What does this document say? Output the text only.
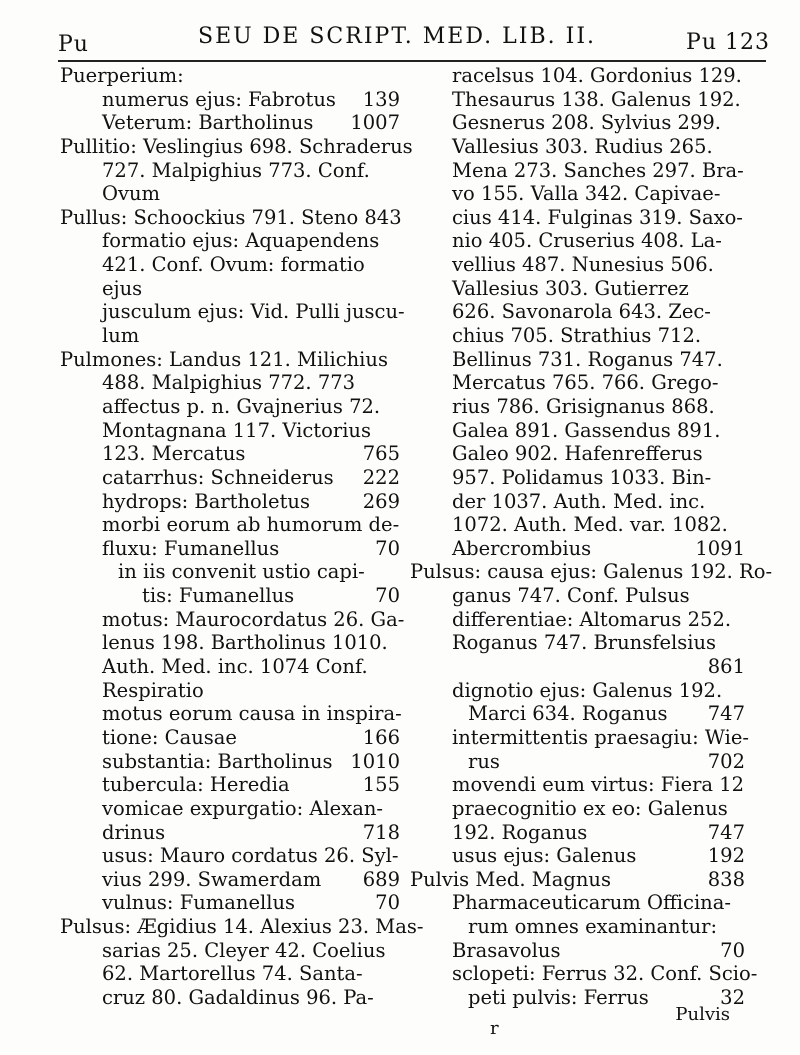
Pu	SEU DE SCRIPT. MED. LIB. II.	Pu 123
Puerperium:
numerus ejus: Fabrotus 139
Veterum: Bartholinus 1007
Pullitio: Veslingius 698. Schraderus
727. Malpighius 773. Conf.
Ovum
Pullus: Schoockius 791. Steno 843
formatio ejus: Aquapendens
421. Conf. Ovum: formatio
ejus
jusculum ejus: Vid. Pulli juscu-
lum
Pulmones: Landus 121. Milichius
488. Malpighius 772. 773
affectus p. n. Gvajnerius 72.
Montagnana 117. Victorius
123. Mercatus	765
catarrhus: Schneiderus 222
hydrops: Bartholetus	269
morbi eorum ab humorum de-
fluxu: Fumanellus	70
in iis convenit ustio capi-
tis: Fumanellus	70
motus: Maurocordatus 26. Ga-
lenus 198. Bartholinus 1010.
Auth. Med. inc. 1074 Conf.
Respiratio
motus eorum causa in inspira-
tione: Causae	166
substantia: Bartholinus 1010
tubercula: Heredia	155
vomicae expurgatio: Alexan-
drinus	718
usus: Mauro cordatus 26. Syl-
vius 299. Swamerdam 689
vulnus: Fumanellus	70
Pulsus: Ægidius 14. Alexius 23. Mas-
sarias 25. Cleyer 42. Coelius
62. Martorellus 74. Santa-
cruz 80. Gadaldinus 96. Pa-
racelsus 104. Gordonius 129.
Thesaurus 138. Galenus 192.
Gesnerus 208. Sylvius 299.
Vallesius 303. Rudius 265.
Mena 273. Sanches 297. Bra-
vo 155. Valla 342. Capivae-
cius 414. Fulginas 319. Saxo-
nio 405. Cruserius 408. La-
vellius 487. Nunesius 506.
Vallesius 303. Gutierrez
626. Savonarola 643. Zec-
chius 705. Strathius 712.
Bellinus 731. Roganus 747.
Mercatus 765. 766. Grego-
rius 786. Grisignanus 868.
Galea 891. Gassendus 891.
Galeo 902. Hafenrefferus
957. Polidamus 1033. Bin-
der 1037. Auth. Med. inc.
1072. Auth. Med. var. 1082.
Abercrombius	1091
Pulsus: causa ejus: Galenus 192. Ro-
ganus 747. Conf. Pulsus
differentiae: Altomarus 252.
Roganus 747. Brunsfelsius
861
dignotio ejus: Galenus 192.
Marci 634. Roganus 747
intermittentis praesagiu: Wie-
rus	702
movendi eum virtus: Fiera 12
praecognitio ex eo: Galenus
192. Roganus	747
usus ejus: Galenus	192
Pulvis Med. Magnus	838
Pharmaceuticarum Officina-
rum omnes examinantur:
Brasavolus	70
sclopeti: Ferrus 32. Conf. Scio-
peti pulvis: Ferrus	32
r
Pulvis
